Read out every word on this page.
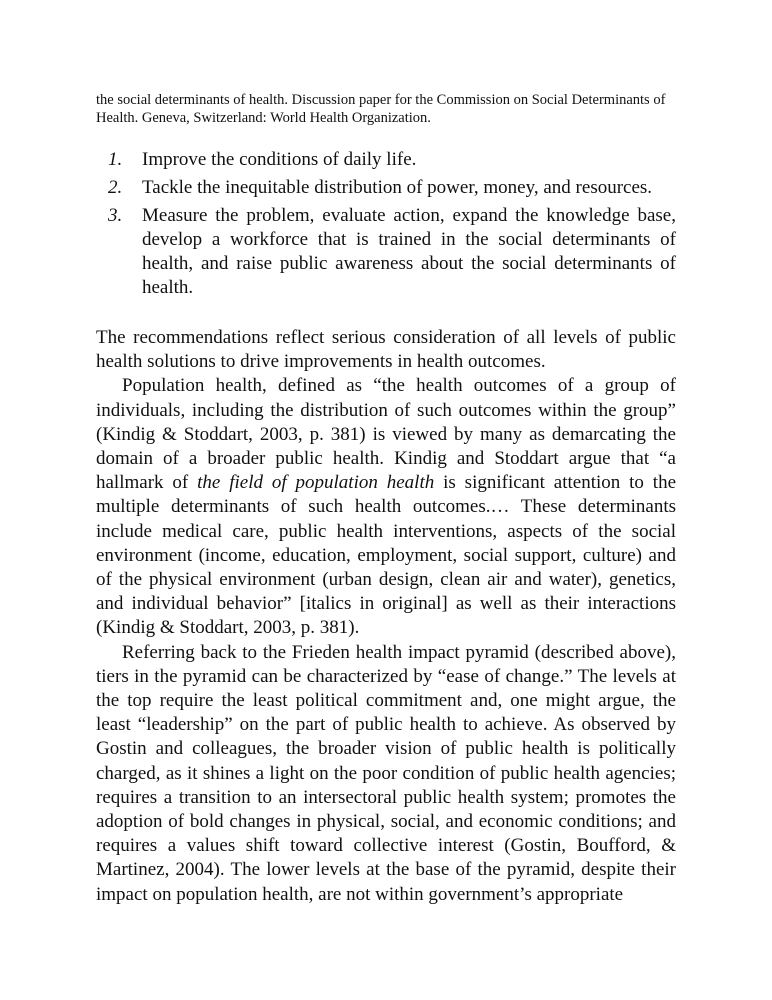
the social determinants of health. Discussion paper for the Commission on Social Determinants of Health. Geneva, Switzerland: World Health Organization.

1. Improve the conditions of daily life.
2. Tackle the inequitable distribution of power, money, and resources.
3. Measure the problem, evaluate action, expand the knowledge base, develop a workforce that is trained in the social determinants of health, and raise public awareness about the social determinants of health.

The recommendations reflect serious consideration of all levels of public health solutions to drive improvements in health outcomes.

Population health, defined as “the health outcomes of a group of individuals, including the distribution of such outcomes within the group” (Kindig & Stoddart, 2003, p. 381) is viewed by many as demarcating the domain of a broader public health. Kindig and Stoddart argue that “a hallmark of the field of population health is significant attention to the multiple determinants of such health outcomes.… These determinants include medical care, public health interventions, aspects of the social environment (income, education, employment, social support, culture) and of the physical environment (urban design, clean air and water), genetics, and individual behavior” [italics in original] as well as their interactions (Kindig & Stoddart, 2003, p. 381).

Referring back to the Frieden health impact pyramid (described above), tiers in the pyramid can be characterized by “ease of change.” The levels at the top require the least political commitment and, one might argue, the least “leadership” on the part of public health to achieve. As observed by Gostin and colleagues, the broader vision of public health is politically charged, as it shines a light on the poor condition of public health agencies; requires a transition to an intersectoral public health system; promotes the adoption of bold changes in physical, social, and economic conditions; and requires a values shift toward collective interest (Gostin, Boufford, & Martinez, 2004). The lower levels at the base of the pyramid, despite their impact on population health, are not within government’s appropriate
